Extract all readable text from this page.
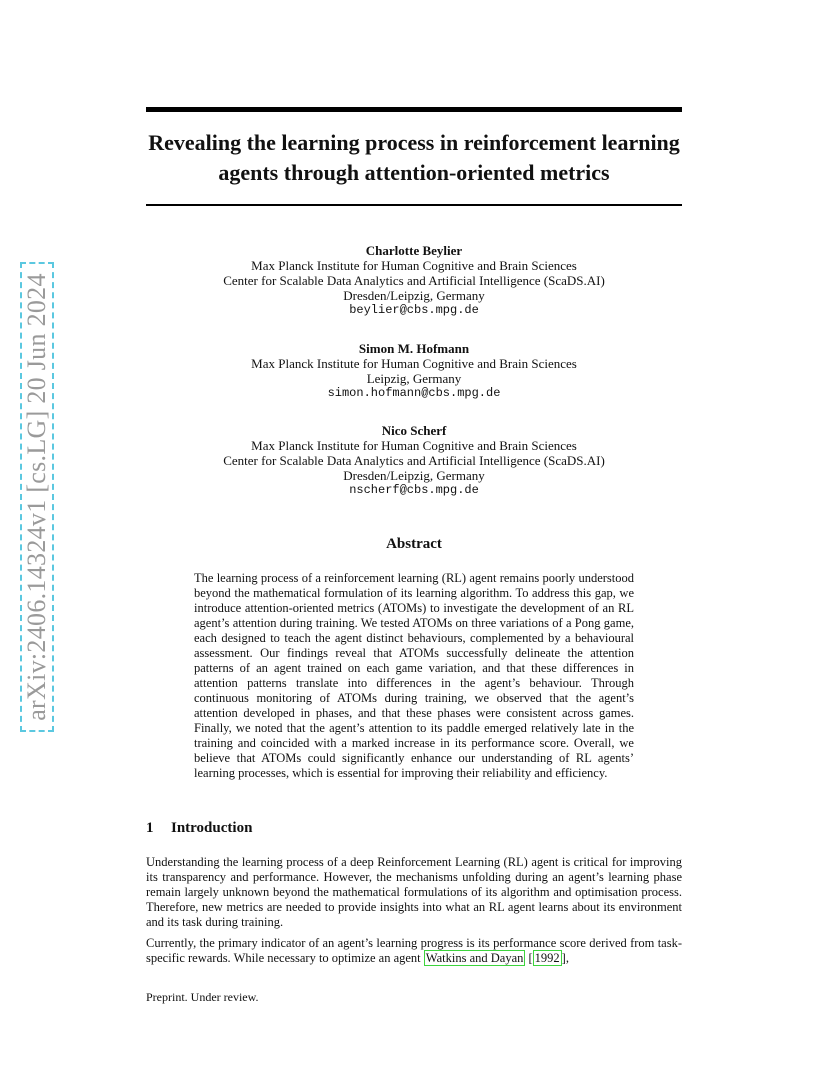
arXiv:2406.14324v1 [cs.LG] 20 Jun 2024
Revealing the learning process in reinforcement learning agents through attention-oriented metrics
Charlotte Beylier
Max Planck Institute for Human Cognitive and Brain Sciences
Center for Scalable Data Analytics and Artificial Intelligence (ScaDS.AI)
Dresden/Leipzig, Germany
beylier@cbs.mpg.de
Simon M. Hofmann
Max Planck Institute for Human Cognitive and Brain Sciences
Leipzig, Germany
simon.hofmann@cbs.mpg.de
Nico Scherf
Max Planck Institute for Human Cognitive and Brain Sciences
Center for Scalable Data Analytics and Artificial Intelligence (ScaDS.AI)
Dresden/Leipzig, Germany
nscherf@cbs.mpg.de
Abstract

The learning process of a reinforcement learning (RL) agent remains poorly understood beyond the mathematical formulation of its learning algorithm. To address this gap, we introduce attention-oriented metrics (ATOMs) to investigate the development of an RL agent’s attention during training. We tested ATOMs on three variations of a Pong game, each designed to teach the agent distinct behaviours, complemented by a behavioural assessment. Our findings reveal that ATOMs successfully delineate the attention patterns of an agent trained on each game variation, and that these differences in attention patterns translate into differences in the agent’s behaviour. Through continuous monitoring of ATOMs during training, we observed that the agent’s attention developed in phases, and that these phases were consistent across games. Finally, we noted that the agent’s attention to its paddle emerged relatively late in the training and coincided with a marked increase in its performance score. Overall, we believe that ATOMs could significantly enhance our understanding of RL agents’ learning processes, which is essential for improving their reliability and efficiency.

1 Introduction

Understanding the learning process of a deep Reinforcement Learning (RL) agent is critical for improving its transparency and performance. However, the mechanisms unfolding during an agent’s learning phase remain largely unknown beyond the mathematical formulations of its algorithm and optimisation process. Therefore, new metrics are needed to provide insights into what an RL agent learns about its environment and its task during training.

Currently, the primary indicator of an agent’s learning progress is its performance score derived from task-specific rewards. While necessary to optimize an agent Watkins and Dayan [ 1992 ],

Preprint. Under review.
